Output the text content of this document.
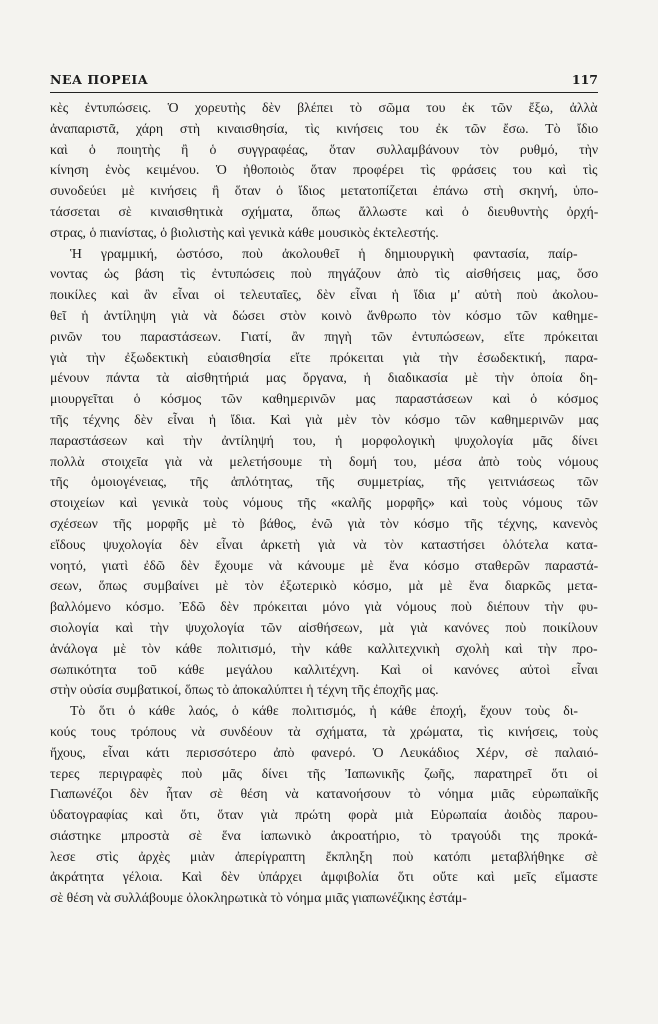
ΝΕΑ ΠΟΡΕΙΑ	117

κὲς ἐντυπώσεις. Ὁ χορευτὴς δὲν βλέπει τὸ σῶμα του ἐκ τῶν ἔξω, ἀλλὰ
ἀναπαριστᾶ, χάρη στὴ κιναισθησία, τὶς κινήσεις του ἐκ τῶν ἔσω. Τὸ ἴδιο
καὶ ὁ ποιητὴς ἢ ὁ συγγραφέας, ὅταν συλλαμβάνουν τὸν ρυθμό, τὴν
κίνηση ἑνὸς κειμένου. Ὁ ἠθοποιὸς ὅταν προφέρει τὶς φράσεις του καὶ τὶς
συνοδεύει μὲ κινήσεις ἢ ὅταν ὁ ἴδιος μετατοπίζεται ἐπάνω στὴ σκηνή, ὑπο-
τάσσεται σὲ κιναισθητικὰ σχήματα, ὅπως ἄλλωστε καὶ ὁ διευθυντὴς ὀρχή-
στρας, ὁ πιανίστας, ὁ βιολιστὴς καὶ γενικὰ κάθε μουσικὸς ἐκτελεστής.

Ἡ γραμμική, ὡστόσο, ποὺ ἀκολουθεῖ ἡ δημιουργικὴ φαντασία, παίρ-
νοντας ὡς βάση τὶς ἐντυπώσεις ποὺ πηγάζουν ἀπὸ τὶς αἰσθήσεις μας, ὅσο
ποικίλες καὶ ἂν εἶναι οἱ τελευταῖες, δὲν εἶναι ἡ ἴδια μ' αὐτὴ ποὺ ἀκολου-
θεῖ ἡ ἀντίληψη γιὰ νὰ δώσει στὸν κοινὸ ἄνθρωπο τὸν κόσμο τῶν καθημε-
ρινῶν του παραστάσεων. Γιατί, ἂν πηγὴ τῶν ἐντυπώσεων, εἴτε πρόκειται
γιὰ τὴν ἐξωδεκτικὴ εὐαισθησία εἴτε πρόκειται γιὰ τὴν ἐσωδεκτική, παρα-
μένουν πάντα τὰ αἰσθητήριά μας ὄργανα, ἡ διαδικασία μὲ τὴν ὁποία δη-
μιουργεῖται ὁ κόσμος τῶν καθημερινῶν μας παραστάσεων καὶ ὁ κόσμος
τῆς τέχνης δὲν εἶναι ἡ ἴδια. Καὶ γιὰ μὲν τὸν κόσμο τῶν καθημερινῶν μας
παραστάσεων καὶ τὴν ἀντίληψή του, ἡ μορφολογικὴ ψυχολογία μᾶς δίνει
πολλὰ στοιχεῖα γιὰ νὰ μελετήσουμε τὴ δομή του, μέσα ἀπὸ τοὺς νόμους
τῆς ὁμοιογένειας, τῆς ἁπλότητας, τῆς συμμετρίας, τῆς γειτνιάσεως τῶν
στοιχείων καὶ γενικὰ τοὺς νόμους τῆς «καλῆς μορφῆς» καὶ τοὺς νόμους τῶν
σχέσεων τῆς μορφῆς μὲ τὸ βάθος, ἐνῶ γιὰ τὸν κόσμο τῆς τέχνης, κανενὸς
εἴδους ψυχολογία δὲν εἶναι ἀρκετὴ γιὰ νὰ τὸν καταστήσει ὁλότελα κατα-
νοητό, γιατὶ ἐδῶ δὲν ἔχουμε νὰ κάνουμε μὲ ἕνα κόσμο σταθερῶν παραστά-
σεων, ὅπως συμβαίνει μὲ τὸν ἐξωτερικὸ κόσμο, μὰ μὲ ἕνα διαρκῶς μετα-
βαλλόμενο κόσμο. Ἐδῶ δὲν πρόκειται μόνο γιὰ νόμους ποὺ διέπουν τὴν φυ-
σιολογία καὶ τὴν ψυχολογία τῶν αἰσθήσεων, μὰ γιὰ κανόνες ποὺ ποικίλουν
ἀνάλογα μὲ τὸν κάθε πολιτισμό, τὴν κάθε καλλιτεχνικὴ σχολὴ καὶ τὴν προ-
σωπικότητα τοῦ κάθε μεγάλου καλλιτέχνη. Καὶ οἱ κανόνες αὐτοὶ εἶναι
στὴν οὐσία συμβατικοί, ὅπως τὸ ἀποκαλύπτει ἡ τέχνη τῆς ἐποχῆς μας.

Τὸ ὅτι ὁ κάθε λαός, ὁ κάθε πολιτισμός, ἡ κάθε ἐποχή, ἔχουν τοὺς δι-
κούς τους τρόπους νὰ συνδέουν τὰ σχήματα, τὰ χρώματα, τὶς κινήσεις, τοὺς
ἤχους, εἶναι κάτι περισσότερο ἀπὸ φανερό. Ὁ Λευκάδιος Χέρν, σὲ παλαιό-
τερες περιγραφὲς ποὺ μᾶς δίνει τῆς Ἰαπωνικῆς ζωῆς, παρατηρεῖ ὅτι οἱ
Γιαπωνέζοι δὲν ἦταν σὲ θέση νὰ κατανοήσουν τὸ νόημα μιᾶς εὐρωπαϊκῆς
ὑδατογραφίας καὶ ὅτι, ὅταν γιὰ πρώτη φορὰ μιὰ Εὐρωπαία ἀοιδὸς παρου-
σιάστηκε μπροστὰ σὲ ἕνα ἰαπωνικὸ ἀκροατήριο, τὸ τραγούδι της προκά-
λεσε στὶς ἀρχὲς μιὰν ἀπερίγραπτη ἔκπληξη ποὺ κατόπι μεταβλήθηκε σὲ
ἀκράτητα γέλοια. Καὶ δὲν ὑπάρχει ἀμφιβολία ὅτι οὔτε καὶ μεῖς εἴμαστε
σὲ θέση νὰ συλλάβουμε ὁλοκληρωτικὰ τὸ νόημα μιᾶς γιαπωνέζικης ἐστάμ-
